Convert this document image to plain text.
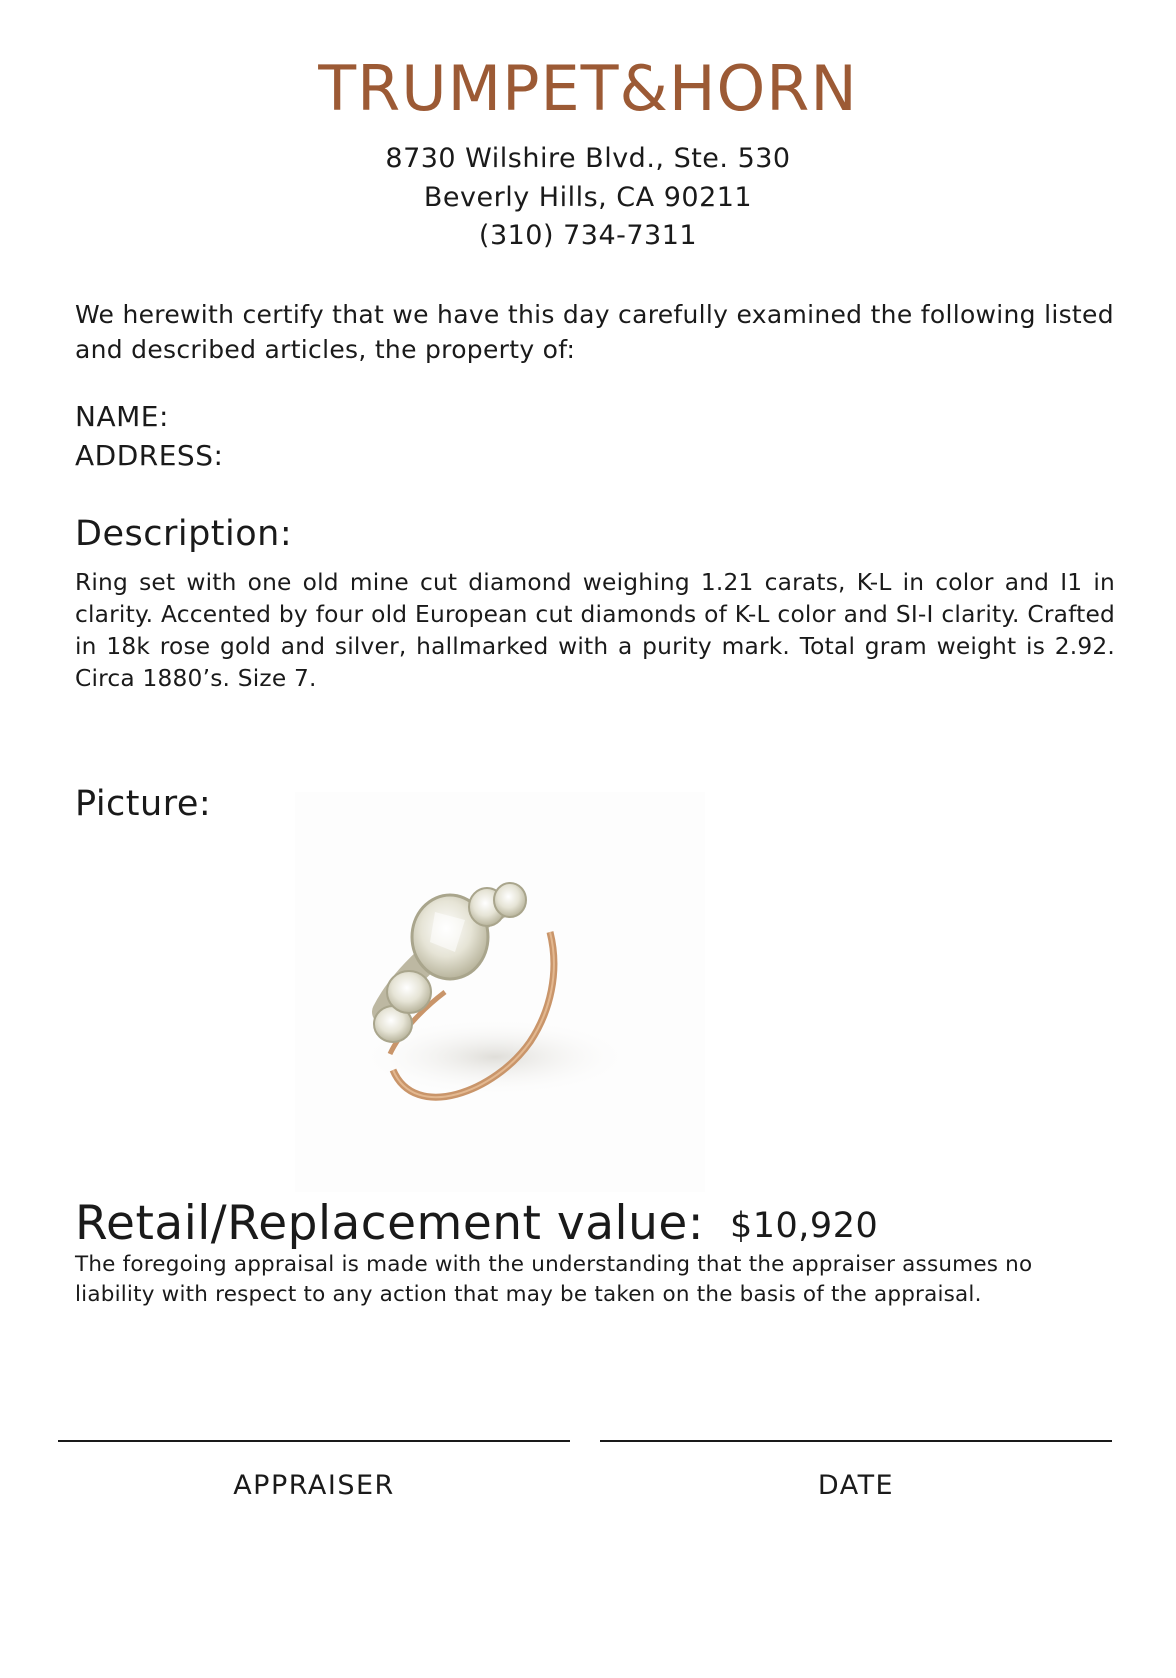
TRUMPET&HORN
8730 Wilshire Blvd., Ste. 530
Beverly Hills, CA 90211
(310) 734-7311
We herewith certify that we have this day carefully examined the following listed and described articles, the property of:
NAME:
ADDRESS:
Description:
Ring set with one old mine cut diamond weighing 1.21 carats, K-L in color and I1 in clarity. Accented by four old European cut diamonds of K-L color and SI-I clarity. Crafted in 18k rose gold and silver, hallmarked with a purity mark. Total gram weight is 2.92. Circa 1880’s. Size 7.
Picture:
Retail/Replacement value: $10,920
The foregoing appraisal is made with the understanding that the appraiser assumes no liability with respect to any action that may be taken on the basis of the appraisal.
APPRAISER	DATE
